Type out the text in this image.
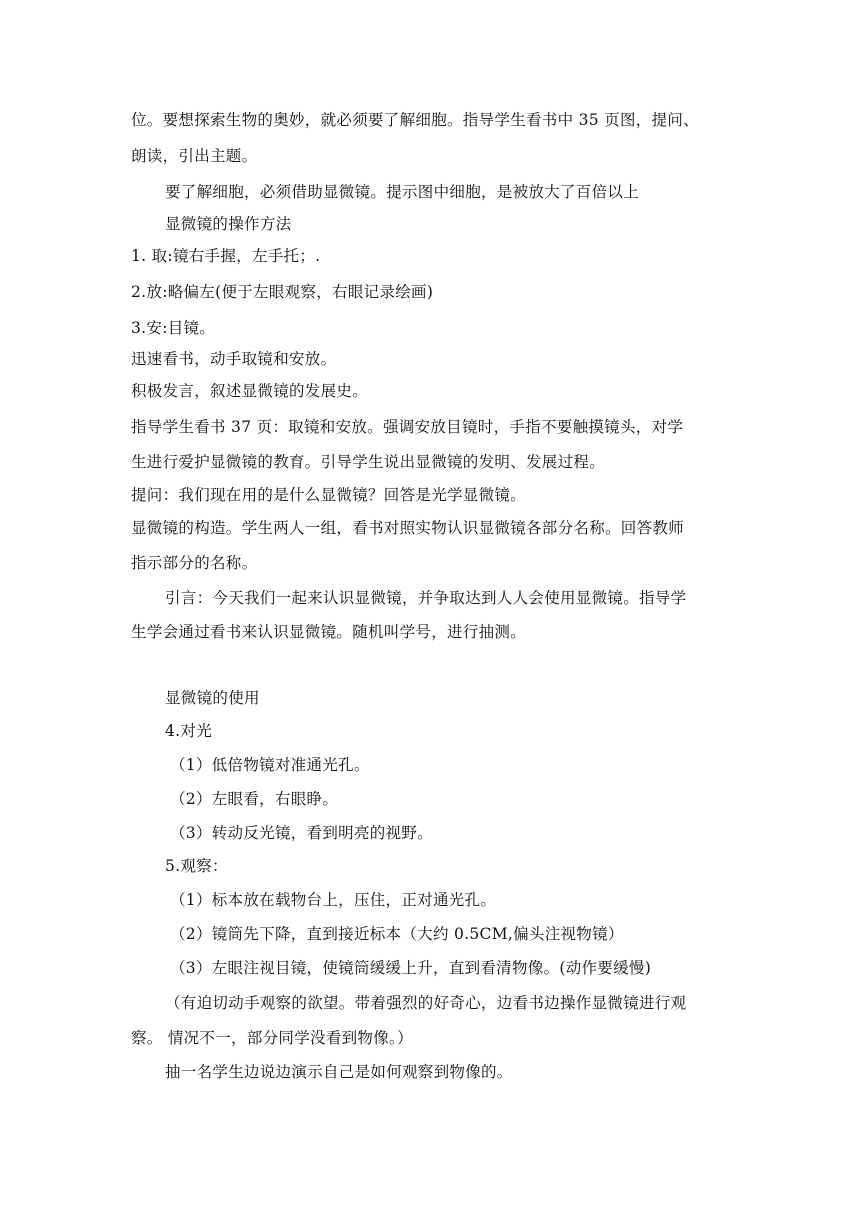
位。要想探索生物的奥妙，就必须要了解细胞。指导学生看书中 35 页图，提问、
朗读，引出主题。
要了解细胞，必须借助显微镜。提示图中细胞，是被放大了百倍以上
显微镜的操作方法
1. 取:镜右手握，左手托；.
2.放:略偏左(便于左眼观察，右眼记录绘画)
3.安:目镜。
迅速看书，动手取镜和安放。
积极发言，叙述显微镜的发展史。
指导学生看书 37 页：取镜和安放。强调安放目镜时，手指不要触摸镜头，对学
生进行爱护显微镜的教育。引导学生说出显微镜的发明、发展过程。
提问：我们现在用的是什么显微镜？回答是光学显微镜。
显微镜的构造。学生两人一组，看书对照实物认识显微镜各部分名称。回答教师
指示部分的名称。
引言：今天我们一起来认识显微镜，并争取达到人人会使用显微镜。指导学
生学会通过看书来认识显微镜。随机叫学号，进行抽测。
显微镜的使用
4.对光
（1）低倍物镜对准通光孔。
（2）左眼看，右眼睁。
（3）转动反光镜，看到明亮的视野。
5.观察：
（1）标本放在载物台上，压住，正对通光孔。
（2）镜筒先下降，直到接近标本（大约 0.5CM,偏头注视物镜）
（3）左眼注视目镜，使镜筒缓缓上升，直到看清物像。(动作要缓慢)
（有迫切动手观察的欲望。带着强烈的好奇心，边看书边操作显微镜进行观
察。 情况不一，部分同学没看到物像。）
抽一名学生边说边演示自己是如何观察到物像的。
